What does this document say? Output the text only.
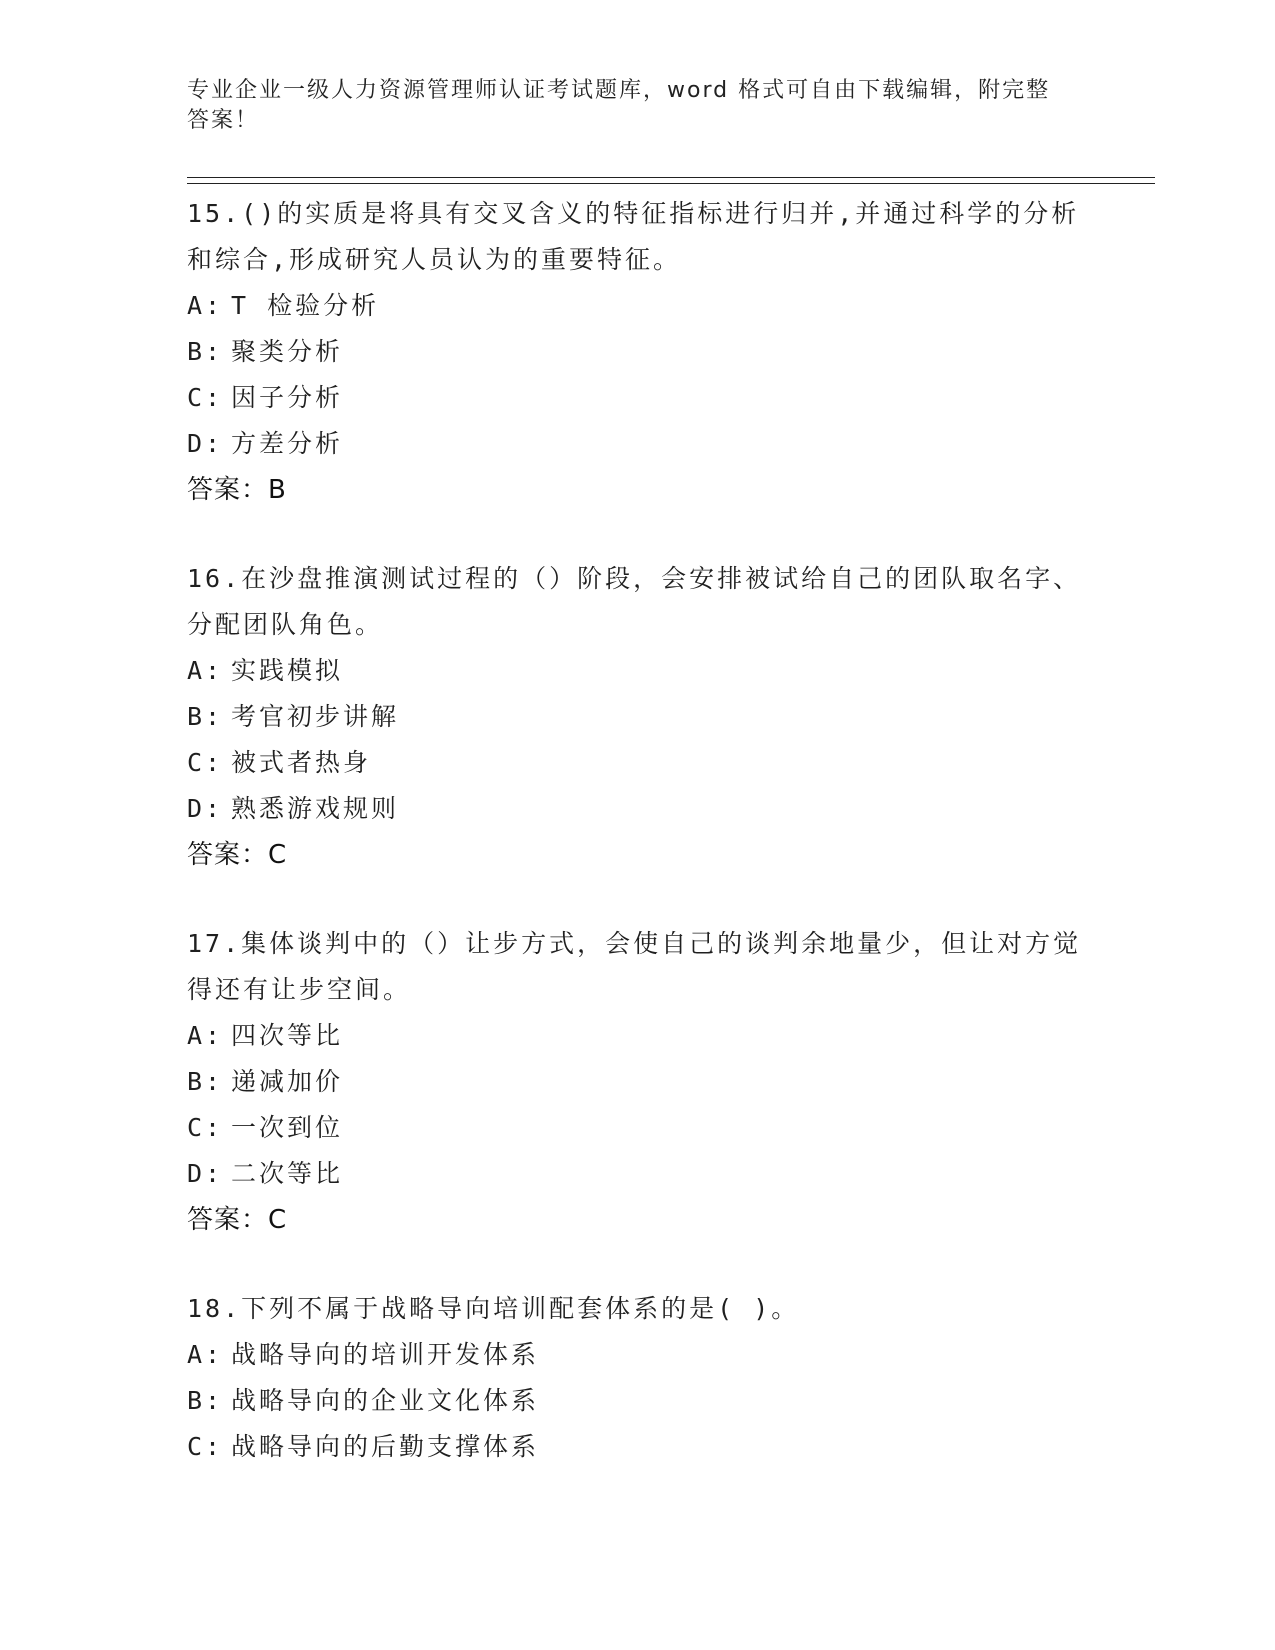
专业企业一级人力资源管理师认证考试题库，word 格式可自由下载编辑，附完整答案！

15.()的实质是将具有交叉含义的特征指标进行归并,并通过科学的分析和综合,形成研究人员认为的重要特征。

A: T 检验分析
B: 聚类分析
C: 因子分析
D: 方差分析
答案：B

16.在沙盘推演测试过程的（）阶段，会安排被试给自己的团队取名字、分配团队角色。

A: 实践模拟
B: 考官初步讲解
C: 被式者热身
D: 熟悉游戏规则
答案：C

17.集体谈判中的（）让步方式，会使自己的谈判余地量少，但让对方觉得还有让步空间。

A: 四次等比
B: 递减加价
C: 一次到位
D: 二次等比
答案：C

18.下列不属于战略导向培训配套体系的是( )。

A: 战略导向的培训开发体系
B: 战略导向的企业文化体系
C: 战略导向的后勤支撑体系
